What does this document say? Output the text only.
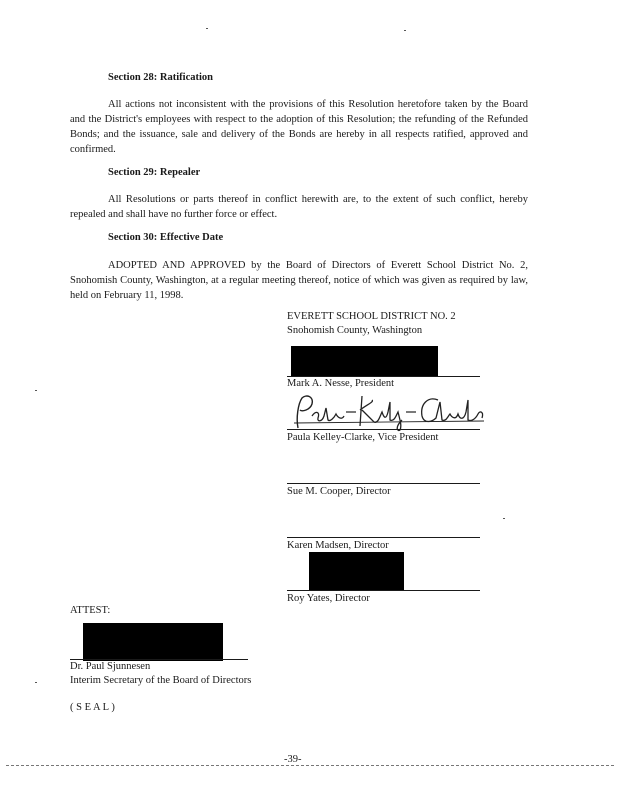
Section 28: Ratification
All actions not inconsistent with the provisions of this Resolution heretofore taken by the Board and the District's employees with respect to the adoption of this Resolution; the refunding of the Refunded Bonds; and the issuance, sale and delivery of the Bonds are hereby in all respects ratified, approved and confirmed.
Section 29: Repealer
All Resolutions or parts thereof in conflict herewith are, to the extent of such conflict, hereby repealed and shall have no further force or effect.
Section 30: Effective Date
ADOPTED AND APPROVED by the Board of Directors of Everett School District No. 2, Snohomish County, Washington, at a regular meeting thereof, notice of which was given as required by law, held on February 11, 1998.
EVERETT SCHOOL DISTRICT NO. 2
Snohomish County, Washington
Mark A. Nesse, President
Paula Kelley-Clarke, Vice President
Sue M. Cooper, Director
Karen Madsen, Director
Roy Yates, Director
ATTEST:
Dr. Paul Sjunnesen
Interim Secretary of the Board of Directors
( S E A L )
-39-
